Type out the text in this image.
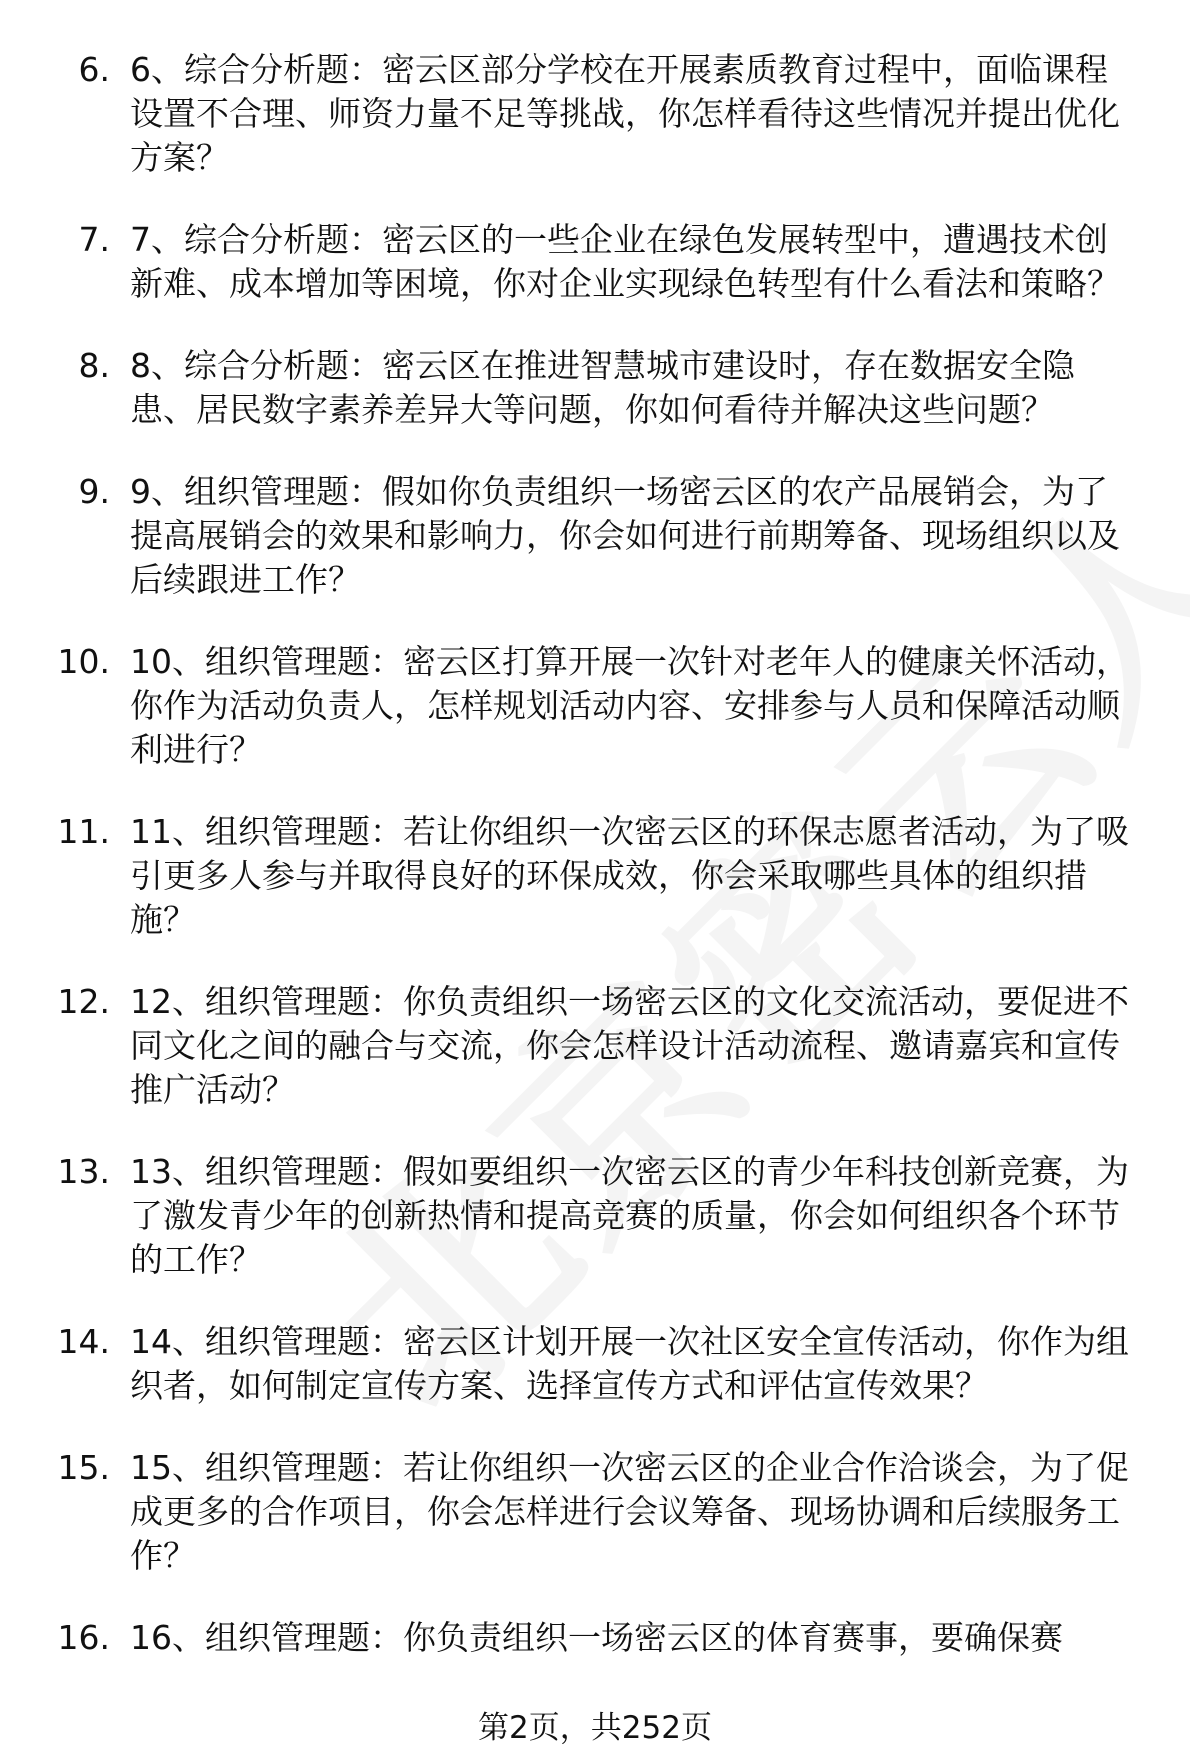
6. 6、综合分析题：密云区部分学校在开展素质教育过程中，面临课程设置不合理、师资力量不足等挑战，你怎样看待这些情况并提出优化方案？
7. 7、综合分析题：密云区的一些企业在绿色发展转型中，遭遇技术创新难、成本增加等困境，你对企业实现绿色转型有什么看法和策略？
8. 8、综合分析题：密云区在推进智慧城市建设时，存在数据安全隐患、居民数字素养差异大等问题，你如何看待并解决这些问题？
9. 9、组织管理题：假如你负责组织一场密云区的农产品展销会，为了提高展销会的效果和影响力，你会如何进行前期筹备、现场组织以及后续跟进工作？
10. 10、组织管理题：密云区打算开展一次针对老年人的健康关怀活动，你作为活动负责人，怎样规划活动内容、安排参与人员和保障活动顺利进行？
11. 11、组织管理题：若让你组织一次密云区的环保志愿者活动，为了吸引更多人参与并取得良好的环保成效，你会采取哪些具体的组织措施？
12. 12、组织管理题：你负责组织一场密云区的文化交流活动，要促进不同文化之间的融合与交流，你会怎样设计活动流程、邀请嘉宾和宣传推广活动？
13. 13、组织管理题：假如要组织一次密云区的青少年科技创新竞赛，为了激发青少年的创新热情和提高竞赛的质量，你会如何组织各个环节的工作？
14. 14、组织管理题：密云区计划开展一次社区安全宣传活动，你作为组织者，如何制定宣传方案、选择宣传方式和评估宣传效果？
15. 15、组织管理题：若让你组织一次密云区的企业合作洽谈会，为了促成更多的合作项目，你会怎样进行会议筹备、现场协调和后续服务工作？
16. 16、组织管理题：你负责组织一场密云区的体育赛事，要确保赛
第2页，共252页
